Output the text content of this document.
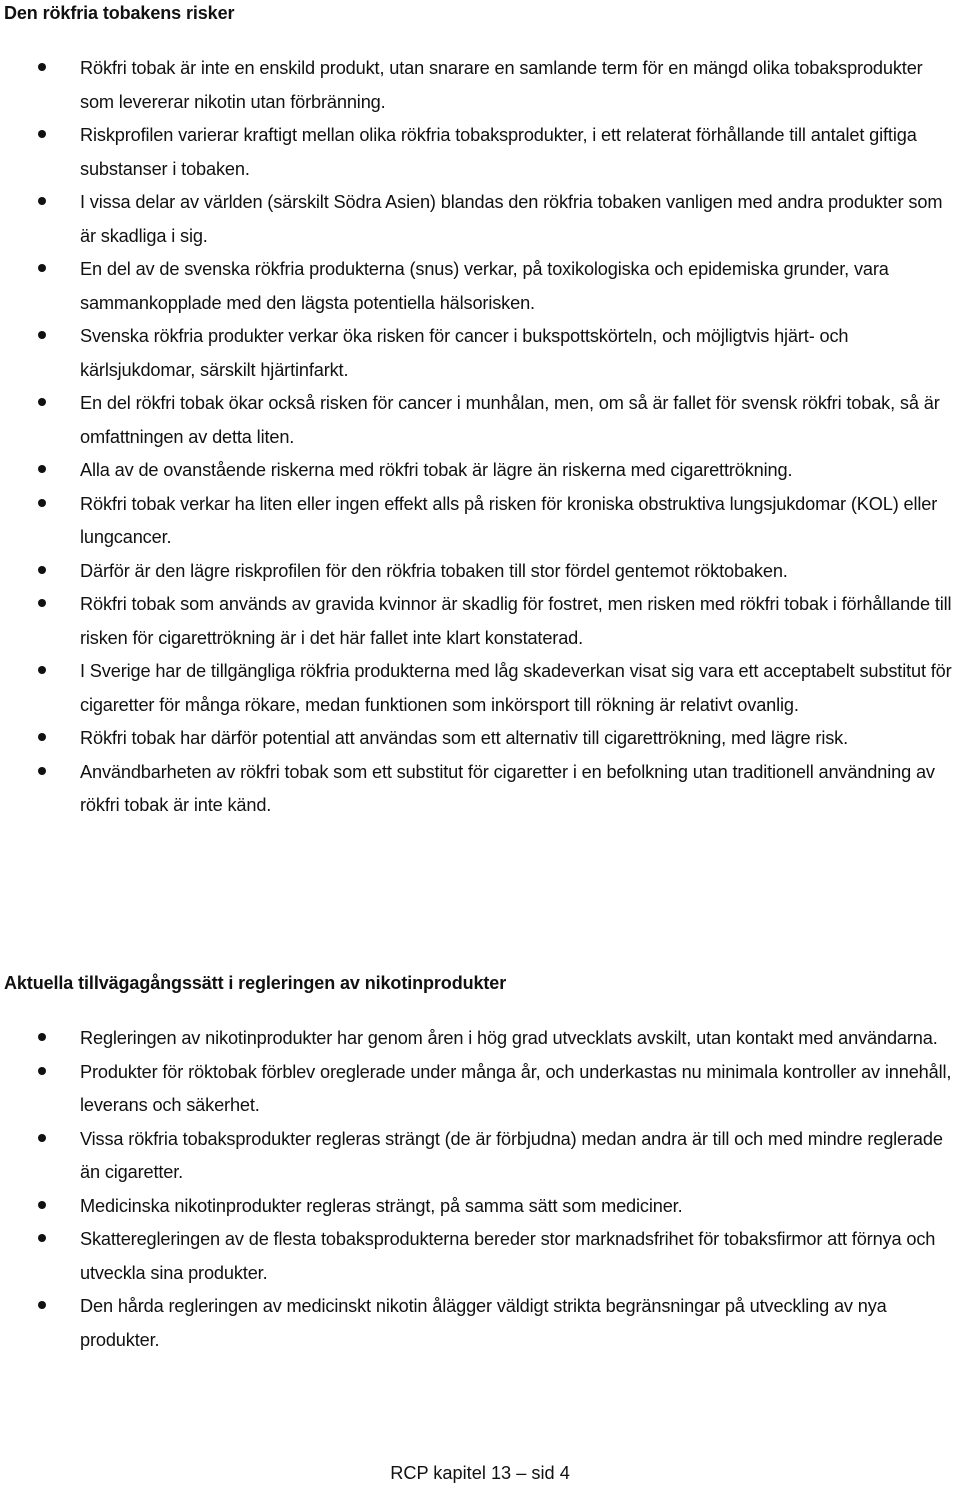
Den rökfria tobakens risker
Rökfri tobak är inte en enskild produkt, utan snarare en samlande term för en mängd olika tobaksprodukter som levererar nikotin utan förbränning.
Riskprofilen varierar kraftigt mellan olika rökfria tobaksprodukter, i ett relaterat förhållande till antalet giftiga substanser i tobaken.
I vissa delar av världen (särskilt Södra Asien) blandas den rökfria tobaken vanligen med andra produkter som är skadliga i sig.
En del av de svenska rökfria produkterna (snus) verkar, på toxikologiska och epidemiska grunder, vara sammankopplade med den lägsta potentiella hälsorisken.
Svenska rökfria produkter verkar öka risken för cancer i bukspottskörteln, och möjligtvis hjärt- och kärlsjukdomar, särskilt hjärtinfarkt.
En del rökfri tobak ökar också risken för cancer i munhålan, men, om så är fallet för svensk rökfri tobak, så är omfattningen av detta liten.
Alla av de ovanstående riskerna med rökfri tobak är lägre än riskerna med cigarettrökning.
Rökfri tobak verkar ha liten eller ingen effekt alls på risken för kroniska obstruktiva lungsjukdomar (KOL) eller lungcancer.
Därför är den lägre riskprofilen för den rökfria tobaken till stor fördel gentemot röktobaken.
Rökfri tobak som används av gravida kvinnor är skadlig för fostret, men risken med rökfri tobak i förhållande till risken för cigarettrökning är i det här fallet inte klart konstaterad.
I Sverige har de tillgängliga rökfria produkterna med låg skadeverkan visat sig vara ett acceptabelt substitut för cigaretter för många rökare, medan funktionen som inkörsport till rökning är relativt ovanlig.
Rökfri tobak har därför potential att användas som ett alternativ till cigarettrökning, med lägre risk.
Användbarheten av rökfri tobak som ett substitut för cigaretter i en befolkning utan traditionell användning av rökfri tobak är inte känd.
Aktuella tillvägagångssätt i regleringen av nikotinprodukter
Regleringen av nikotinprodukter har genom åren i hög grad utvecklats avskilt, utan kontakt med användarna.
Produkter för röktobak förblev oreglerade under många år, och underkastas nu minimala kontroller av innehåll, leverans och säkerhet.
Vissa rökfria tobaksprodukter regleras strängt (de är förbjudna) medan andra är till och med mindre reglerade än cigaretter.
Medicinska nikotinprodukter regleras strängt, på samma sätt som mediciner.
Skatteregleringen av de flesta tobaksprodukterna bereder stor marknadsfrihet för tobaksfirmor att förnya och utveckla sina produkter.
Den hårda regleringen av medicinskt nikotin ålägger väldigt strikta begränsningar på utveckling av nya produkter.
RCP kapitel 13 – sid 4
